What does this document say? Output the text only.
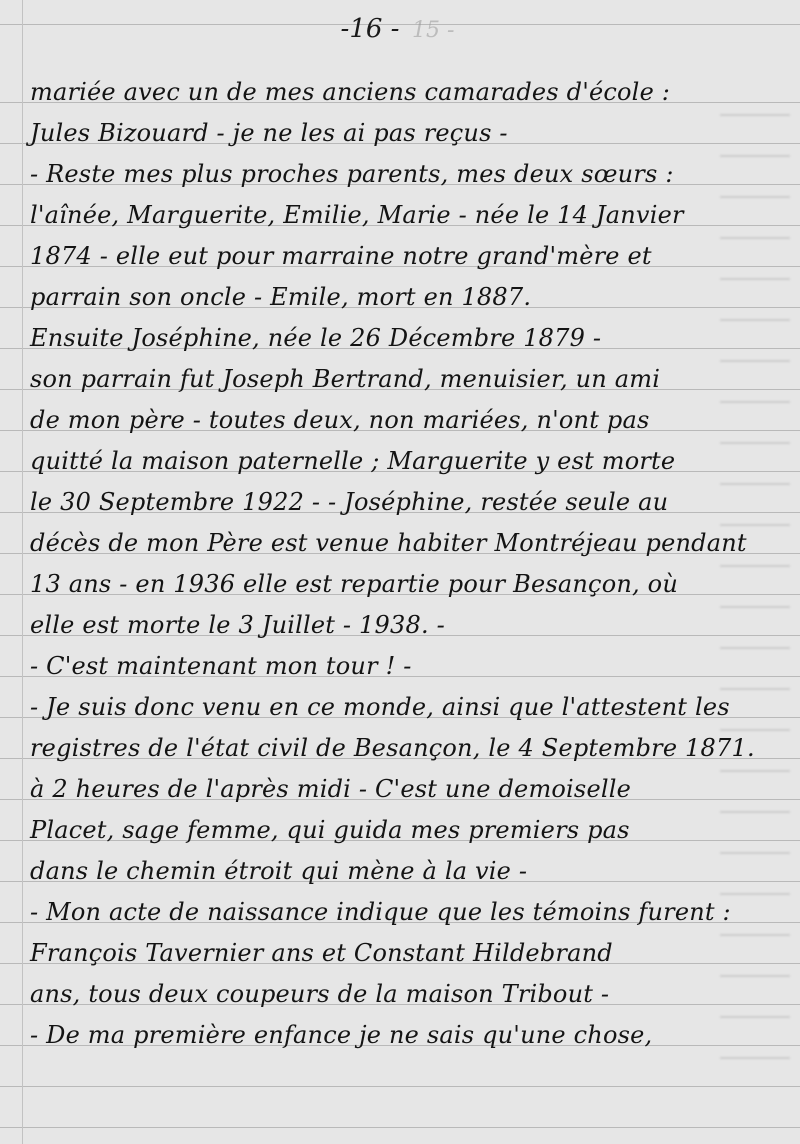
15 -
-16 -
mariée avec un de mes anciens camarades d'école :
Jules Bizouard - je ne les ai pas reçus -
- Reste mes plus proches parents, mes deux sœurs :
l'aînée, Marguerite, Emilie, Marie - née le 14 Janvier
1874 - elle eut pour marraine notre grand'mère et
parrain son oncle - Emile, mort en 1887.
Ensuite Joséphine, née le 26 Décembre 1879 -
son parrain fut Joseph Bertrand, menuisier, un ami
de mon père - toutes deux, non mariées, n'ont pas
quitté la maison paternelle ; Marguerite y est morte
le 30 Septembre 1922 - - Joséphine, restée seule au
décès de mon Père est venue habiter Montréjeau pendant
13 ans - en 1936 elle est repartie pour Besançon, où
elle est morte le 3 Juillet - 1938. -
- C'est maintenant mon tour ! -
- Je suis donc venu en ce monde, ainsi que l'attestent les
registres de l'état civil de Besançon, le 4 Septembre 1871.
à 2 heures de l'après midi - C'est une demoiselle
Placet, sage femme, qui guida mes premiers pas
dans le chemin étroit qui mène à la vie -
- Mon acte de naissance indique que les témoins furent :
François Tavernier ans et Constant Hildebrand
ans, tous deux coupeurs de la maison Tribout -
- De ma première enfance je ne sais qu'une chose,
